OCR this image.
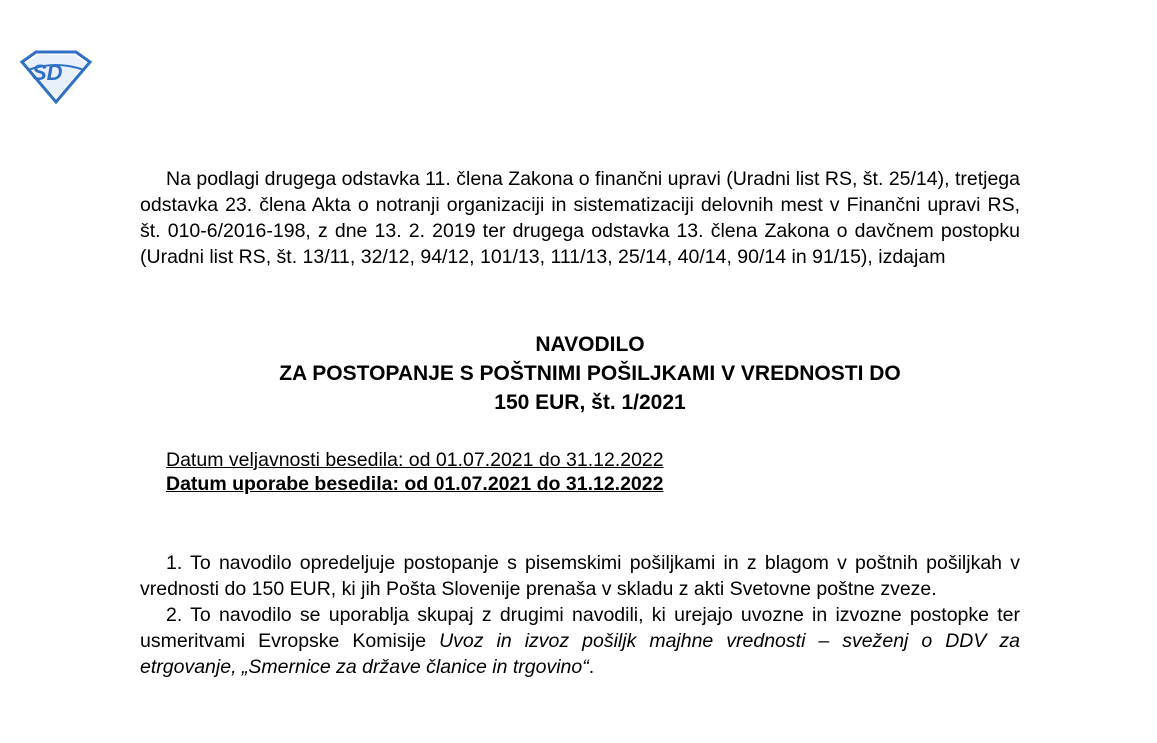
SD

Na podlagi drugega odstavka 11. člena Zakona o finančni upravi (Uradni list RS, št. 25/14), tretjega odstavka 23. člena Akta o notranji organizaciji in sistematizaciji delovnih mest v Finančni upravi RS, št. 010-6/2016-198, z dne 13. 2. 2019 ter drugega odstavka 13. člena Zakona o davčnem postopku (Uradni list RS, št. 13/11, 32/12, 94/12, 101/13, 111/13, 25/14, 40/14, 90/14 in 91/15), izdajam

NAVODILO
ZA POSTOPANJE S POŠTNIMI POŠILJKAMI V VREDNOSTI DO
150 EUR, št. 1/2021
Datum veljavnosti besedila: od 01.07.2021 do 31.12.2022
Datum uporabe besedila: od 01.07.2021 do 31.12.2022

1. To navodilo opredeljuje postopanje s pisemskimi pošiljkami in z blagom v poštnih pošiljkah v vrednosti do 150 EUR, ki jih Pošta Slovenije prenaša v skladu z akti Svetovne poštne zveze.

2. To navodilo se uporablja skupaj z drugimi navodili, ki urejajo uvozne in izvozne postopke ter usmeritvami Evropske Komisije Uvoz in izvoz pošiljk majhne vrednosti – sveženj o DDV za etrgovanje, „Smernice za države članice in trgovino“.
